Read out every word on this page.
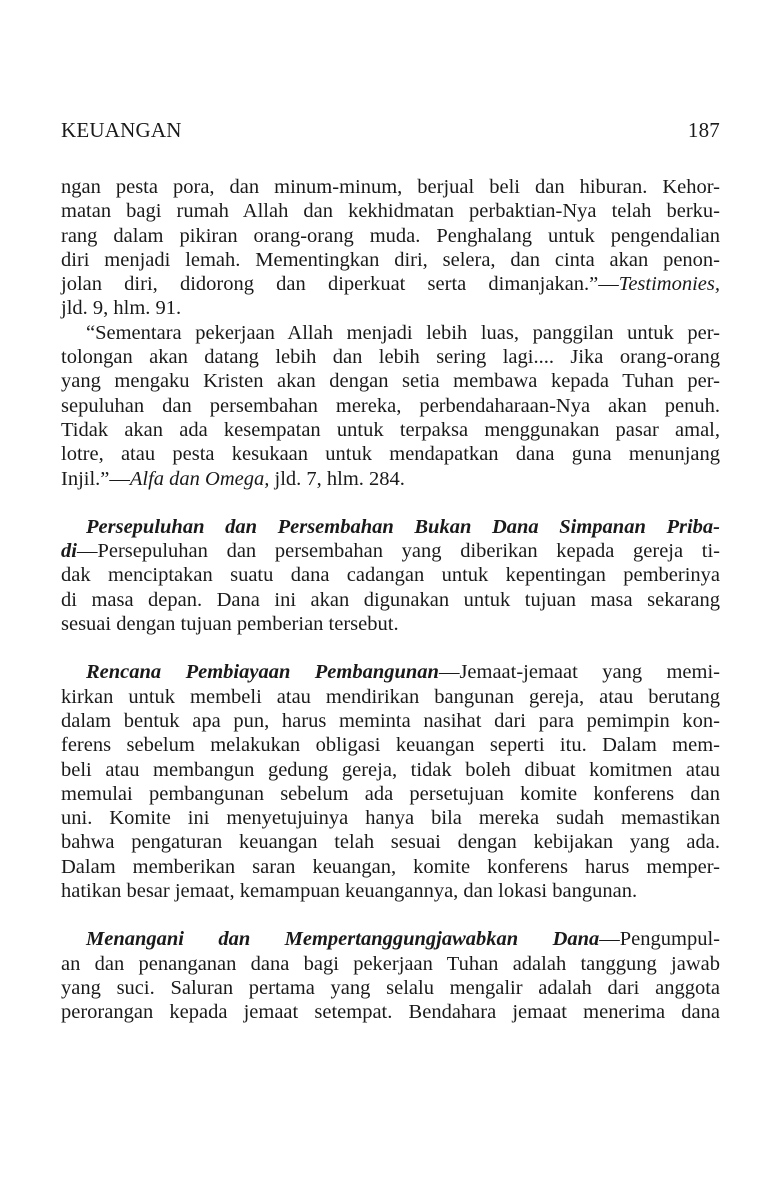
KEUANGAN	187

ngan pesta pora, dan minum-minum, berjual beli dan hiburan. Kehor-
matan bagi rumah Allah dan kekhidmatan perbaktian-Nya telah berku-
rang dalam pikiran orang-orang muda. Penghalang untuk pengendalian
diri menjadi lemah. Mementingkan diri, selera, dan cinta akan penon-
jolan diri, didorong dan diperkuat serta dimanjakan.”—Testimonies,
jld. 9, hlm. 91.

“Sementara pekerjaan Allah menjadi lebih luas, panggilan untuk per-
tolongan akan datang lebih dan lebih sering lagi.... Jika orang-orang
yang mengaku Kristen akan dengan setia membawa kepada Tuhan per-
sepuluhan dan persembahan mereka, perbendaharaan-Nya akan penuh.
Tidak akan ada kesempatan untuk terpaksa menggunakan pasar amal,
lotre, atau pesta kesukaan untuk mendapatkan dana guna menunjang
Injil.”—Alfa dan Omega, jld. 7, hlm. 284.

Persepuluhan dan Persembahan Bukan Dana Simpanan Priba-
di—Persepuluhan dan persembahan yang diberikan kepada gereja ti-
dak menciptakan suatu dana cadangan untuk kepentingan pemberinya
di masa depan. Dana ini akan digunakan untuk tujuan masa sekarang
sesuai dengan tujuan pemberian tersebut.

Rencana Pembiayaan Pembangunan—Jemaat-jemaat yang memi-
kirkan untuk membeli atau mendirikan bangunan gereja, atau berutang
dalam bentuk apa pun, harus meminta nasihat dari para pemimpin kon-
ferens sebelum melakukan obligasi keuangan seperti itu. Dalam mem-
beli atau membangun gedung gereja, tidak boleh dibuat komitmen atau
memulai pembangunan sebelum ada persetujuan komite konferens dan
uni. Komite ini menyetujuinya hanya bila mereka sudah memastikan
bahwa pengaturan keuangan telah sesuai dengan kebijakan yang ada.
Dalam memberikan saran keuangan, komite konferens harus memper-
hatikan besar jemaat, kemampuan keuangannya, dan lokasi bangunan.

Menangani dan Mempertanggungjawabkan Dana—Pengumpul-
an dan penanganan dana bagi pekerjaan Tuhan adalah tanggung jawab
yang suci. Saluran pertama yang selalu mengalir adalah dari anggota
perorangan kepada jemaat setempat. Bendahara jemaat menerima dana
